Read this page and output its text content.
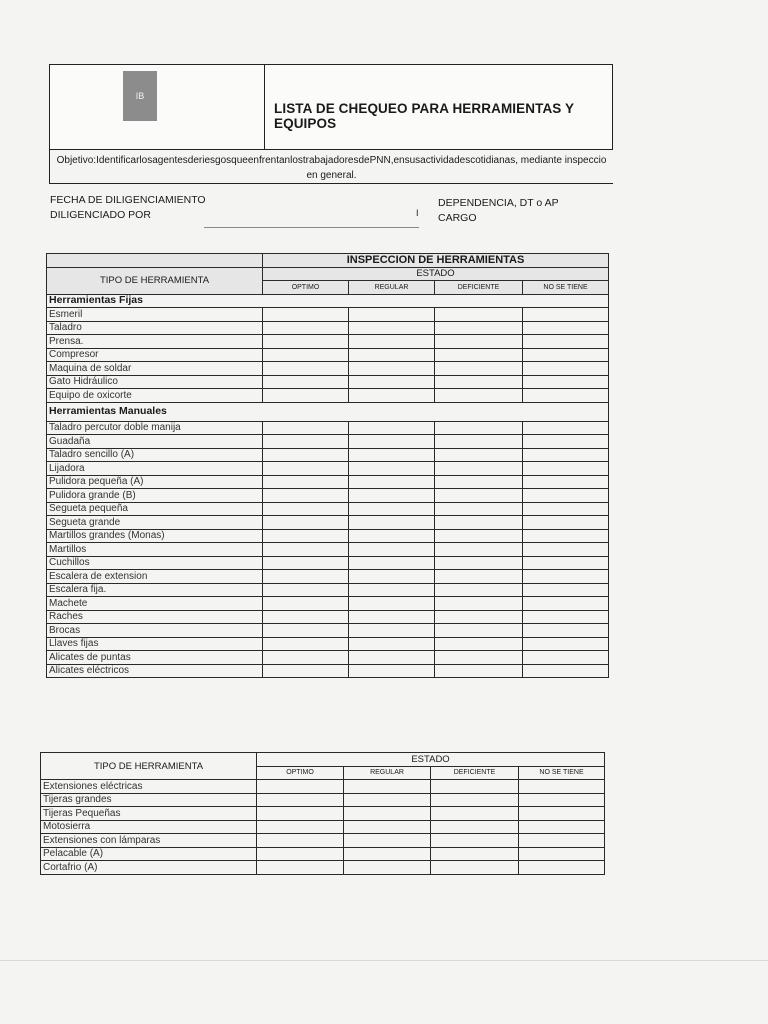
IB
LISTA DE CHEQUEO PARA HERRAMIENTAS Y EQUIPOS
Objetivo:IdentificarlosagentesderiesgosqueenfrentanlostrabajadoresdePNN,ensusactividadescotidianas, mediante inspeccio
en general.
FECHA DE DILIGENCIAMIENTO
DILIGENCIADO POR	I
DEPENDENCIA, DT o AP
CARGO
	INSPECCION DE HERRAMIENTAS			
TIPO DE HERRAMIENTA	ESTADO			
	OPTIMO	REGULAR	DEFICIENTE	NO SE TIENE
Herramientas Fijas				
Esmeril				
Taladro				
Prensa.				
Compresor				
Maquina de soldar				
Gato Hidráulico				
Equipo de oxicorte				
Herramientas Manuales				
Taladro percutor doble manija				
Guadaña				
Taladro sencillo (A)				
Lijadora				
Pulidora pequeña (A)				
Pulidora grande (B)				
Segueta pequeña				
Segueta grande				
Martillos grandes (Monas)				
Martillos				
Cuchillos				
Escalera de extension				
Escalera fija.				
Machete				
Raches				
Brocas				
Llaves fijas				
Alicates de puntas				
Alicates eléctricos				
TIPO DE HERRAMIENTA	ESTADO			
	OPTIMO	REGULAR	DEFICIENTE	NO SE TIENE
Extensiones eléctricas				
Tijeras grandes				
Tijeras Pequeñas				
Motosierra				
Extensiones con lámparas				
Pelacable (A)				
Cortafrio (A)				
